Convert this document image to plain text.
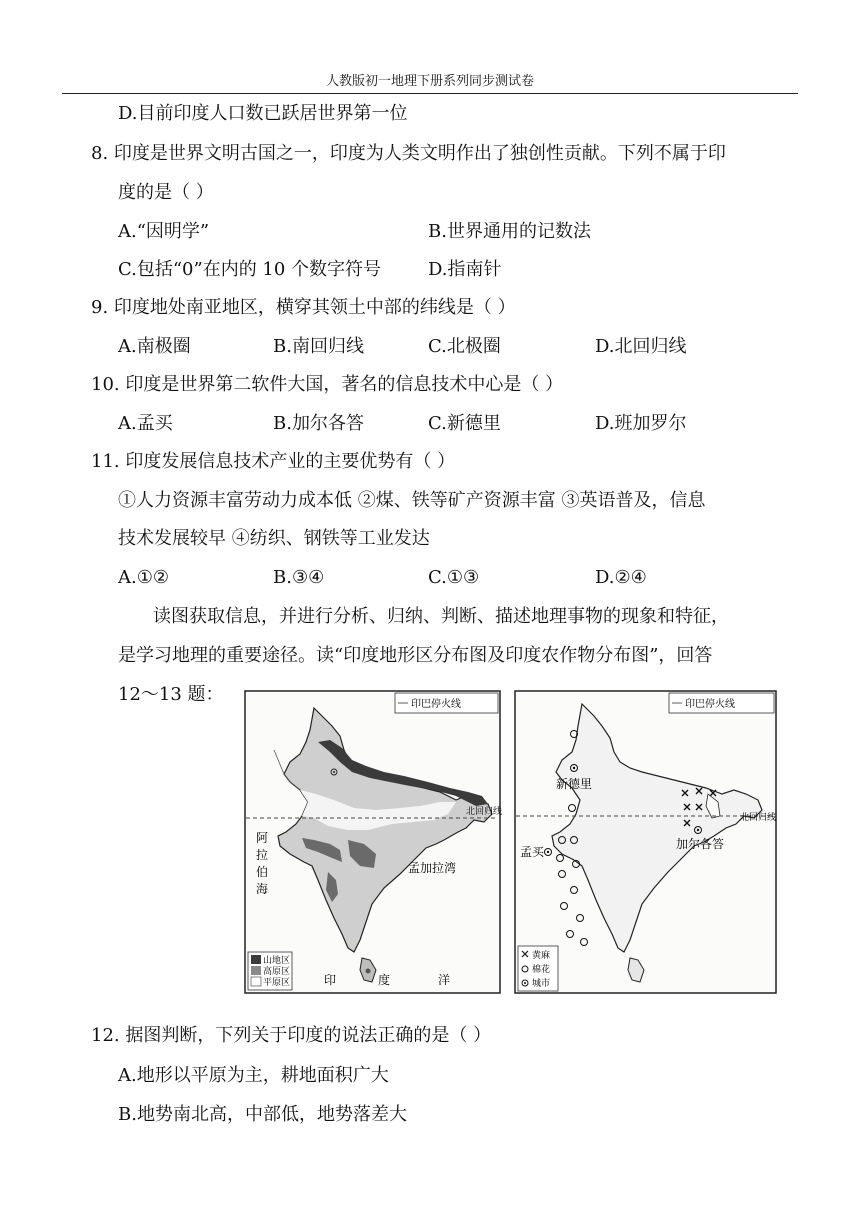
人教版初一地理下册系列同步测试卷
D.目前印度人口数已跃居世界第一位
8. 印度是世界文明古国之一，印度为人类文明作出了独创性贡献。下列不属于印
度的是（ ）
A.“因明学”	B.世界通用的记数法
C.包括“0”在内的 10 个数字符号	D.指南针
9. 印度地处南亚地区，横穿其领土中部的纬线是（ ）
A.南极圈	B.南回归线	C.北极圈	D.北回归线
10. 印度是世界第二软件大国，著名的信息技术中心是（ ）
A.孟买	B.加尔各答	C.新德里	D.班加罗尔
11. 印度发展信息技术产业的主要优势有（ ）
①人力资源丰富劳动力成本低 ②煤、铁等矿产资源丰富 ③英语普及，信息
技术发展较早 ④纺织、钢铁等工业发达
A.①②	B.③④	C.①③	D.②④
读图获取信息，并进行分析、归纳、判断、描述地理事物的现象和特征，
是学习地理的重要途径。读“印度地形区分布图及印度农作物分布图”，回答
12～13 题：	印巴停火线
北回归线
阿
拉
伯
海
孟加拉湾
印	度	洋
山地区
高原区
平原区
印巴停火线
北回归线
新德里
孟买
加尔各答
黄麻
棉花
城市
12. 据图判断，下列关于印度的说法正确的是（ ）
A.地形以平原为主，耕地面积广大
B.地势南北高，中部低，地势落差大
